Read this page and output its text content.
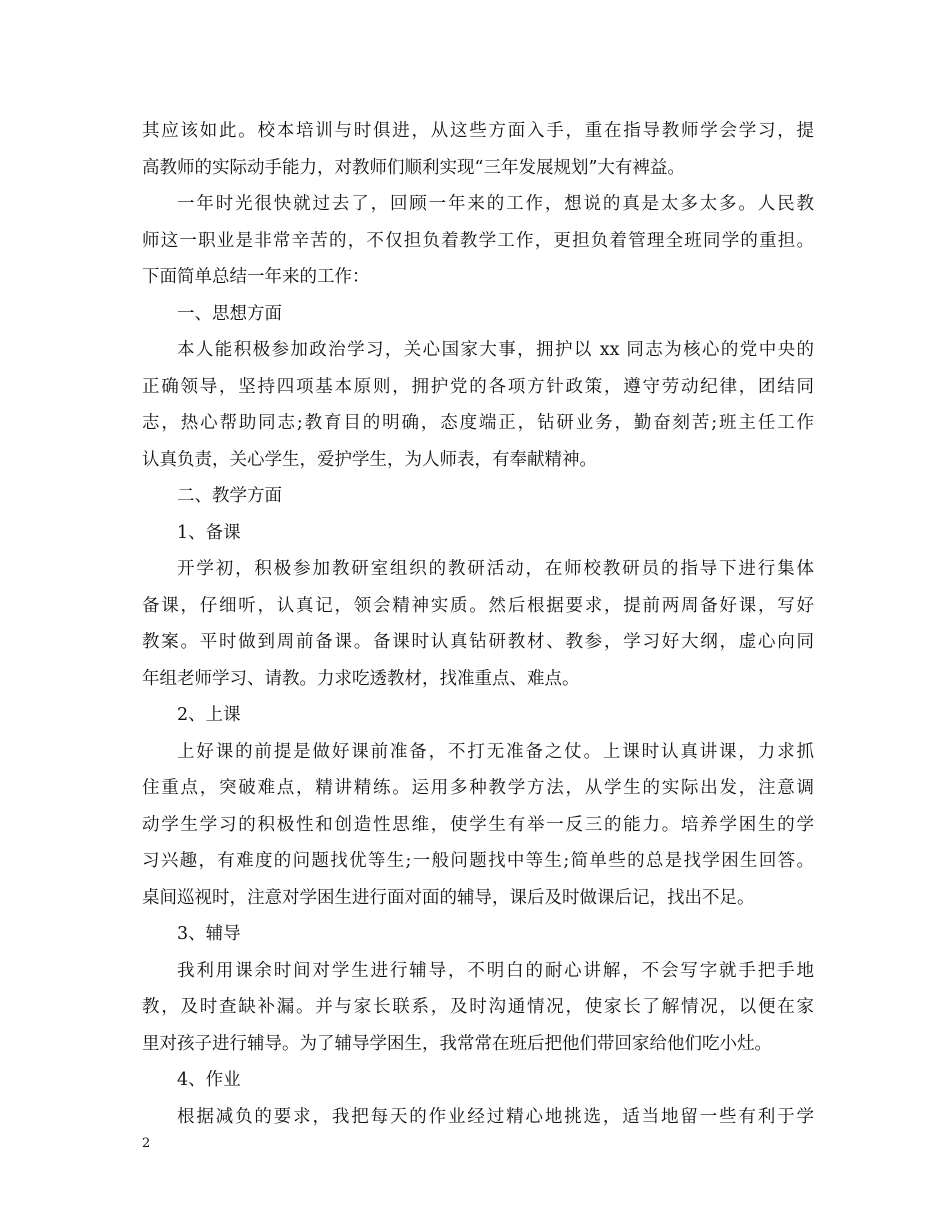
其应该如此。校本培训与时俱进，从这些方面入手，重在指导教师学会学习，提
高教师的实际动手能力，对教师们顺利实现“三年发展规划”大有裨益。
一年时光很快就过去了，回顾一年来的工作，想说的真是太多太多。人民教
师这一职业是非常辛苦的，不仅担负着教学工作，更担负着管理全班同学的重担。
下面简单总结一年来的工作：
一、思想方面
本人能积极参加政治学习，关心国家大事，拥护以 xx 同志为核心的党中央的
正确领导，坚持四项基本原则，拥护党的各项方针政策，遵守劳动纪律，团结同
志，热心帮助同志;教育目的明确，态度端正，钻研业务，勤奋刻苦;班主任工作
认真负责，关心学生，爱护学生，为人师表，有奉献精神。
二、教学方面
1、备课
开学初，积极参加教研室组织的教研活动，在师校教研员的指导下进行集体
备课，仔细听，认真记，领会精神实质。然后根据要求，提前两周备好课，写好
教案。平时做到周前备课。备课时认真钻研教材、教参，学习好大纲，虚心向同
年组老师学习、请教。力求吃透教材，找准重点、难点。
2、上课
上好课的前提是做好课前准备，不打无准备之仗。上课时认真讲课，力求抓
住重点，突破难点，精讲精练。运用多种教学方法，从学生的实际出发，注意调
动学生学习的积极性和创造性思维，使学生有举一反三的能力。培养学困生的学
习兴趣，有难度的问题找优等生;一般问题找中等生;简单些的总是找学困生回答。
桌间巡视时，注意对学困生进行面对面的辅导，课后及时做课后记，找出不足。
3、辅导
我利用课余时间对学生进行辅导，不明白的耐心讲解，不会写字就手把手地
教，及时查缺补漏。并与家长联系，及时沟通情况，使家长了解情况，以便在家
里对孩子进行辅导。为了辅导学困生，我常常在班后把他们带回家给他们吃小灶。
4、作业
根据减负的要求，我把每天的作业经过精心地挑选，适当地留一些有利于学
2
